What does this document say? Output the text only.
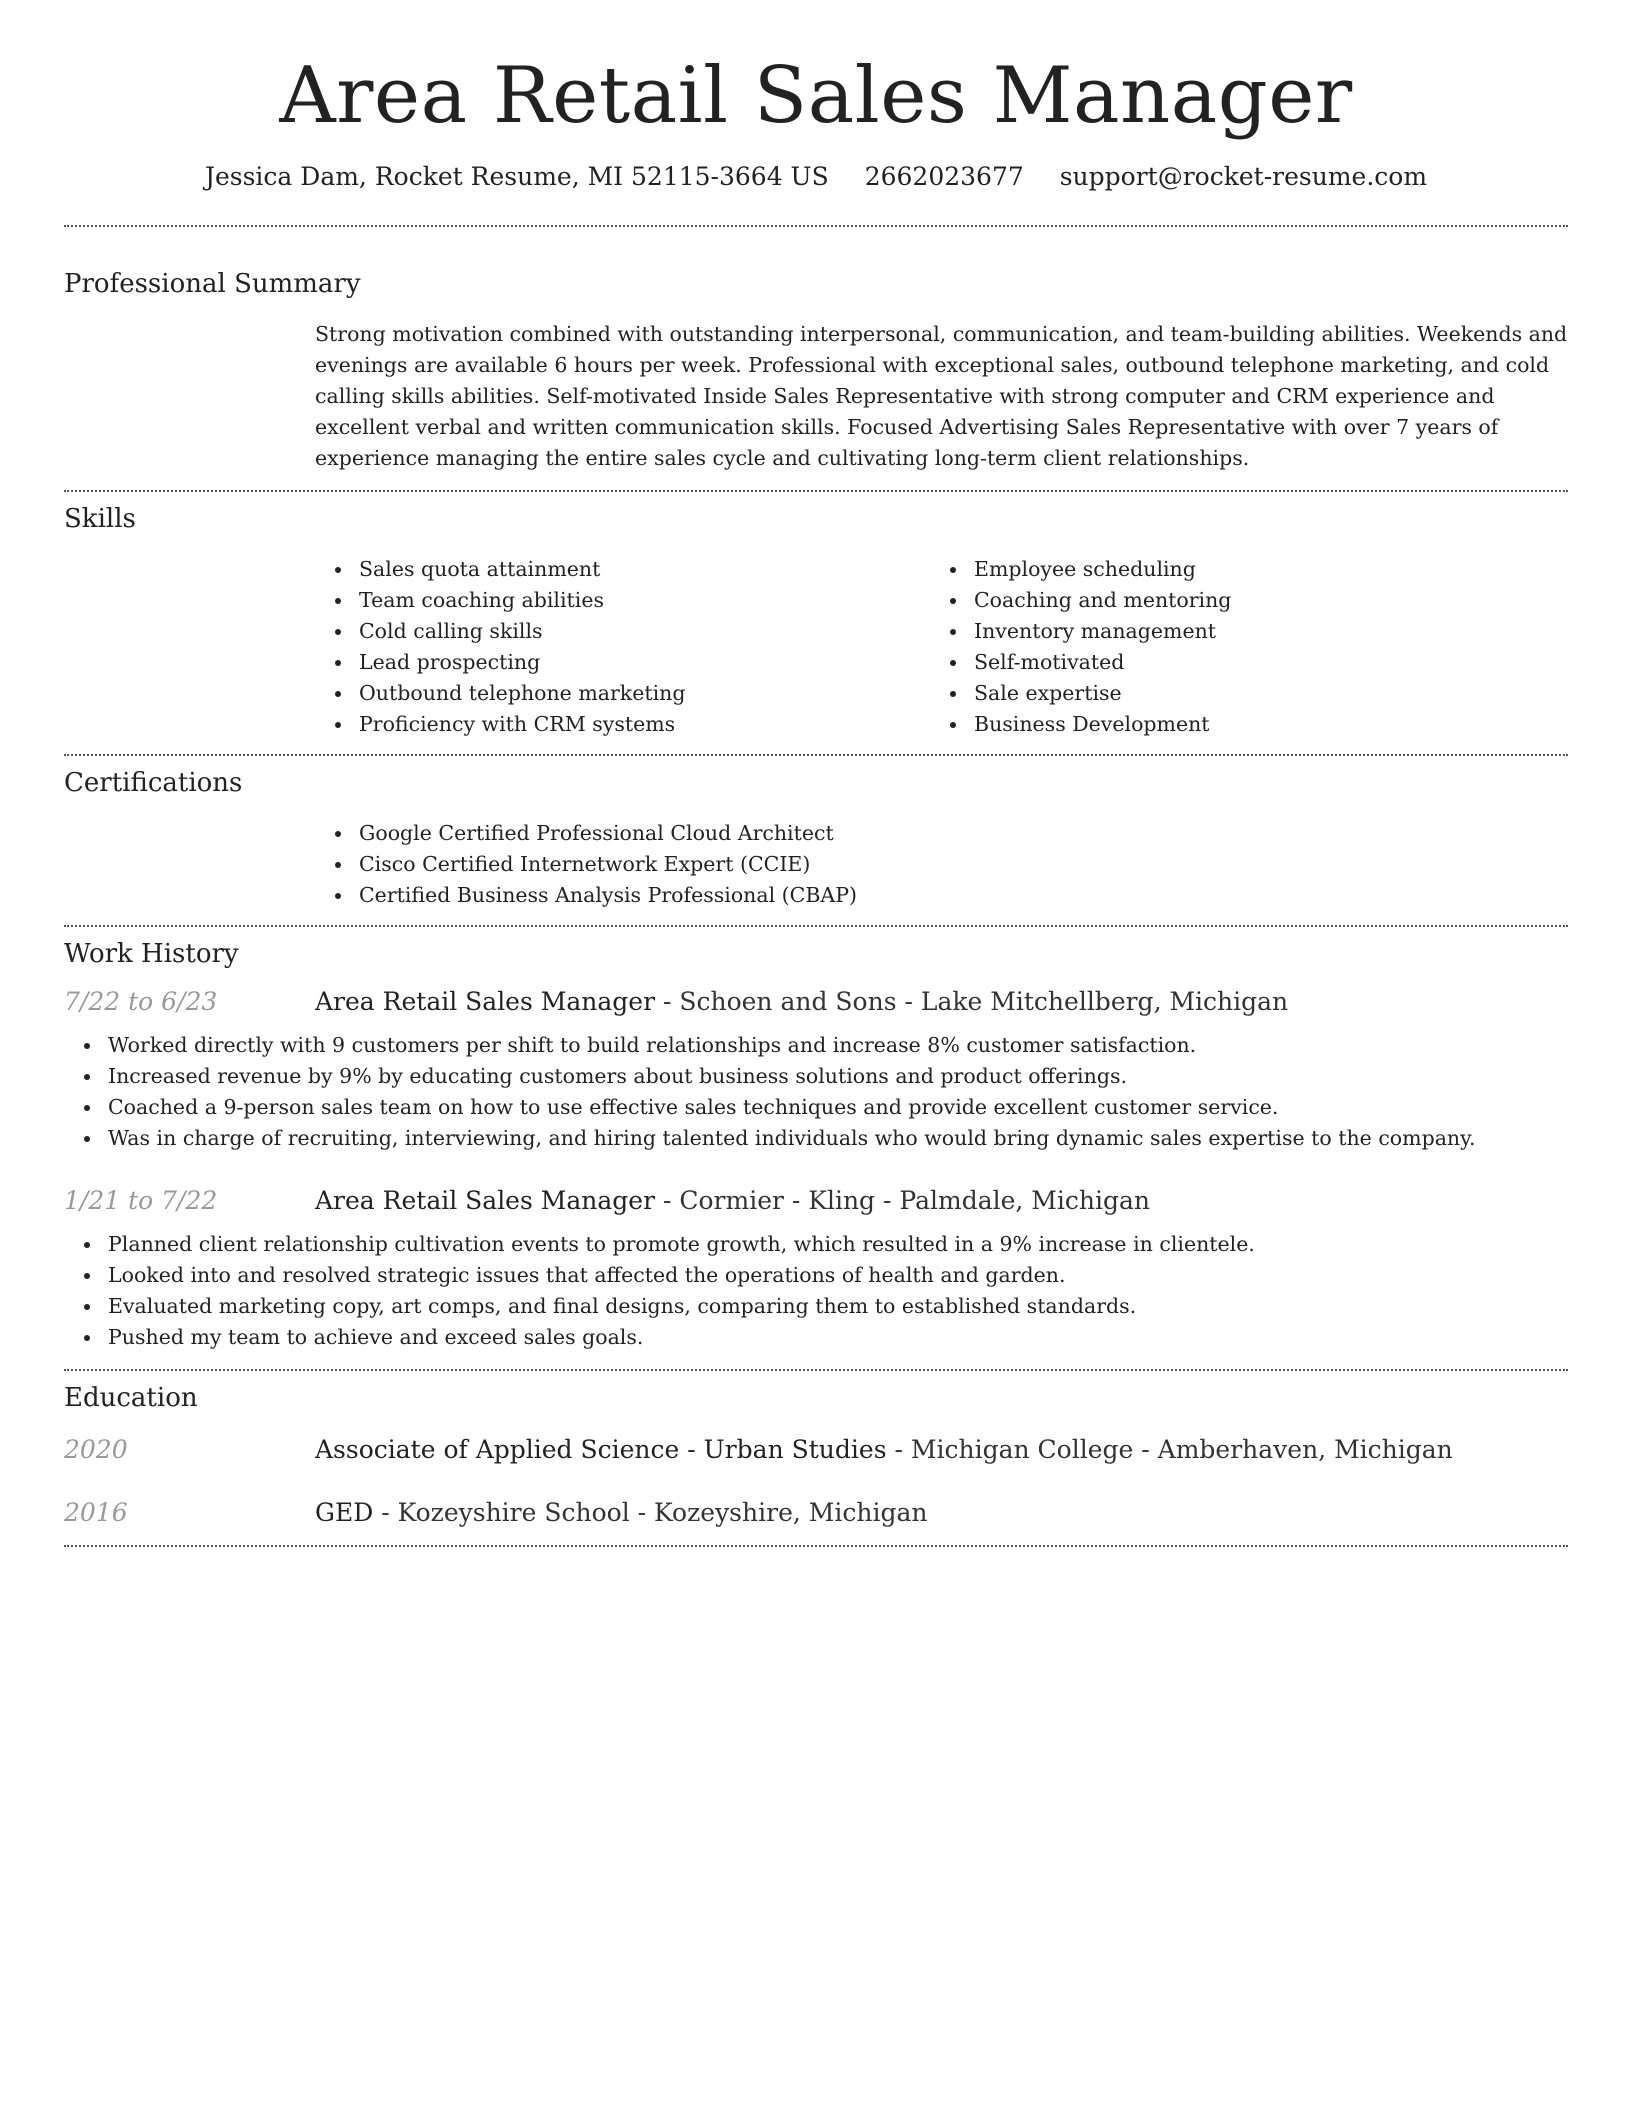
Area Retail Sales Manager
Jessica Dam, Rocket Resume, MI 52115-3664 US 2662023677 support@rocket-resume.com
Professional Summary

Strong motivation combined with outstanding interpersonal, communication, and team-building abilities. Weekends and evenings are available 6 hours per week. Professional with exceptional sales, outbound telephone marketing, and cold calling skills abilities. Self-motivated Inside Sales Representative with strong computer and CRM experience and excellent verbal and written communication skills. Focused Advertising Sales Representative with over 7 years of experience managing the entire sales cycle and cultivating long-term client relationships.

Skills
Sales quota attainment
Team coaching abilities
Cold calling skills
Lead prospecting
Outbound telephone marketing
Proficiency with CRM systems
Employee scheduling
Coaching and mentoring
Inventory management
Self-motivated
Sale expertise
Business Development
Certifications
Google Certified Professional Cloud Architect
Cisco Certified Internetwork Expert (CCIE)
Certified Business Analysis Professional (CBAP)
Work History
7/22 to 6/23	Area Retail Sales Manager - Schoen and Sons - Lake Mitchellberg, Michigan
Worked directly with 9 customers per shift to build relationships and increase 8% customer satisfaction.
Increased revenue by 9% by educating customers about business solutions and product offerings.
Coached a 9-person sales team on how to use effective sales techniques and provide excellent customer service.
Was in charge of recruiting, interviewing, and hiring talented individuals who would bring dynamic sales expertise to the company.
1/21 to 7/22	Area Retail Sales Manager - Cormier - Kling - Palmdale, Michigan
Planned client relationship cultivation events to promote growth, which resulted in a 9% increase in clientele.
Looked into and resolved strategic issues that affected the operations of health and garden.
Evaluated marketing copy, art comps, and final designs, comparing them to established standards.
Pushed my team to achieve and exceed sales goals.
Education
2020	Associate of Applied Science - Urban Studies - Michigan College - Amberhaven, Michigan
2016	GED - Kozeyshire School - Kozeyshire, Michigan
